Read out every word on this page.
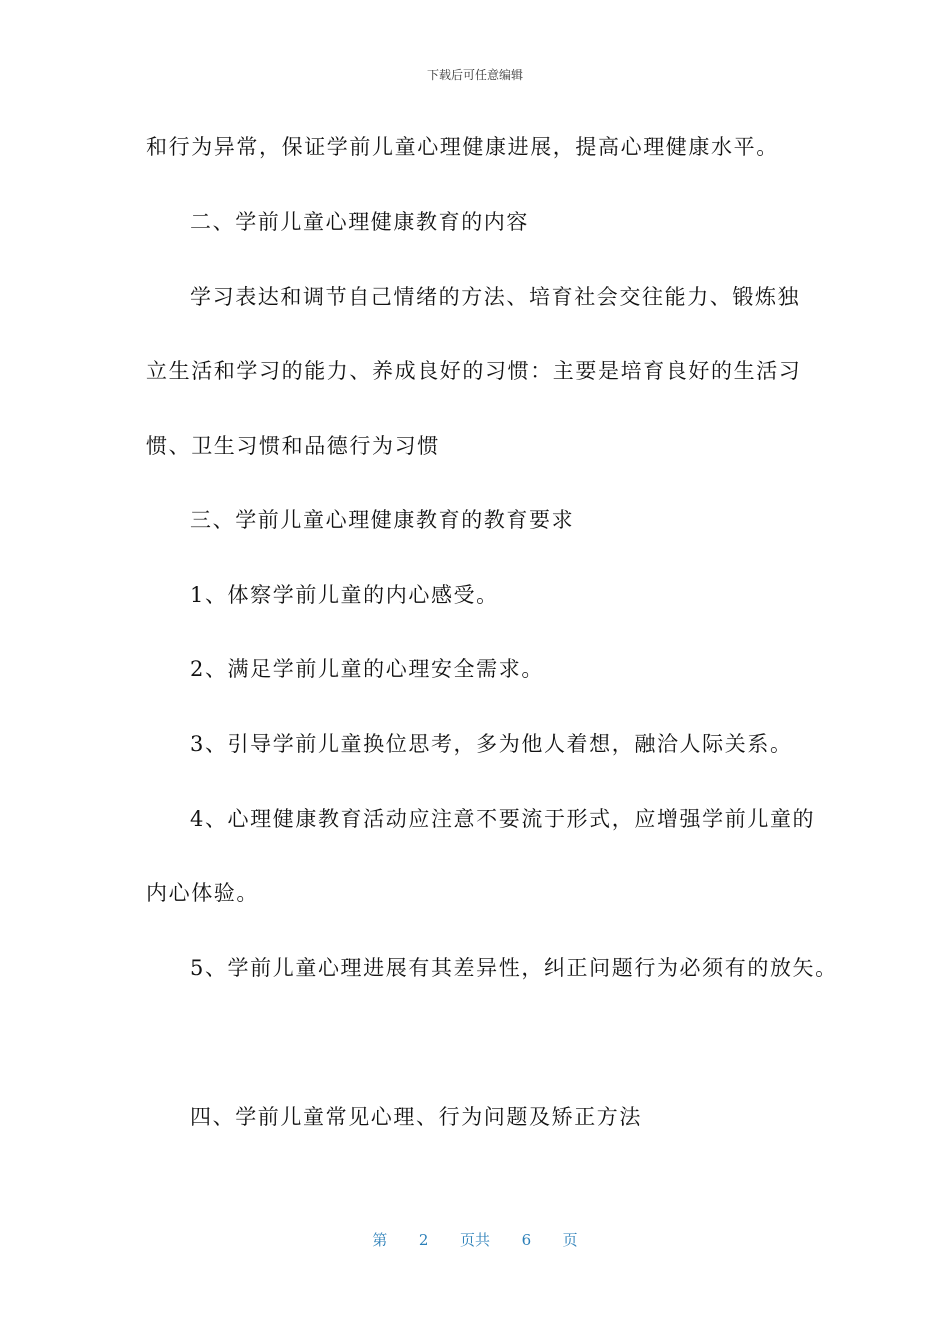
下载后可任意编辑
和行为异常，保证学前儿童心理健康进展，提高心理健康水平。
二、学前儿童心理健康教育的内容
学习表达和调节自己情绪的方法、培育社会交往能力、锻炼独
立生活和学习的能力、养成良好的习惯：主要是培育良好的生活习
惯、卫生习惯和品德行为习惯
三、学前儿童心理健康教育的教育要求
1、体察学前儿童的内心感受。
2、满足学前儿童的心理安全需求。
3、引导学前儿童换位思考，多为他人着想，融洽人际关系。
4、心理健康教育活动应注意不要流于形式，应增强学前儿童的
内心体验。
5、学前儿童心理进展有其差异性，纠正问题行为必须有的放矢。
四、学前儿童常见心理、行为问题及矫正方法
第 2 页共 6 页
